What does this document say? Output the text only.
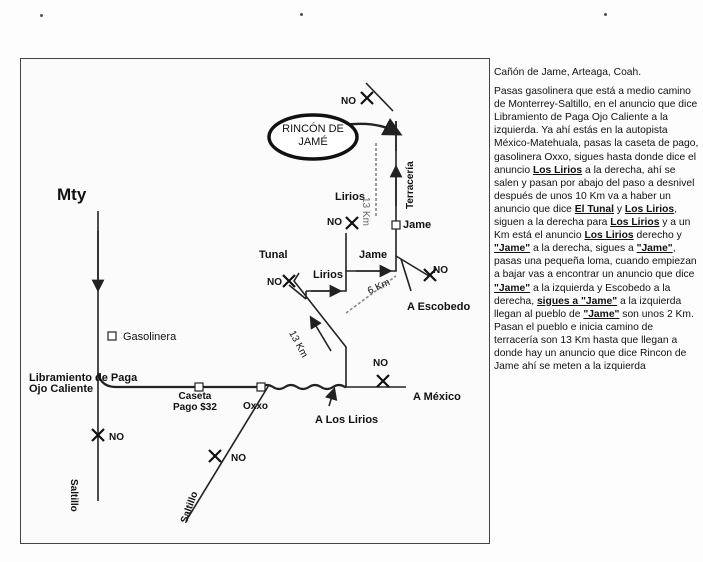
Mty
Gasolinera
Libramiento de Paga
Ojo Caliente
Caseta
Pago $32	Oxxo
Saltillo	Saltillo
NO
NO
NO
A Los Lirios
A México
A Escobedo
NO
Tunal
NO
Lirios
Lirios
NO
Jame
Jame
Terracería
6 Km
13 Km
13 Km
NO
RINCÓN DE
JAMÉ
Cañón de Jame, Arteaga, Coah.
Pasas gasolinera que está a medio camino de Monterrey-Saltillo, en el anuncio que dice Libramiento de Paga Ojo Caliente a la izquierda. Ya ahí estás en la autopista México-Matehuala, pasas la caseta de pago, gasolinera Oxxo, sigues hasta donde dice el anuncio Los Lirios a la derecha, ahí se salen y pasan por abajo del paso a desnivel después de unos 10 Km va a haber un anuncio que dice El Tunal y Los Lirios, siguen a la derecha para Los Lirios y a un Km está el anuncio Los Lirios derecho y "Jame" a la derecha, sigues a "Jame", pasas una pequeña loma, cuando empiezan a bajar vas a encontrar un anuncio que dice "Jame" a la izquierda y Escobedo a la derecha, sigues a "Jame" a la izquierda llegan al pueblo de "Jame" son unos 2 Km. Pasan el pueblo e inicia camino de terracería son 13 Km hasta que llegan a donde hay un anuncio que dice Rincon de Jame ahí se meten a la izquierda
